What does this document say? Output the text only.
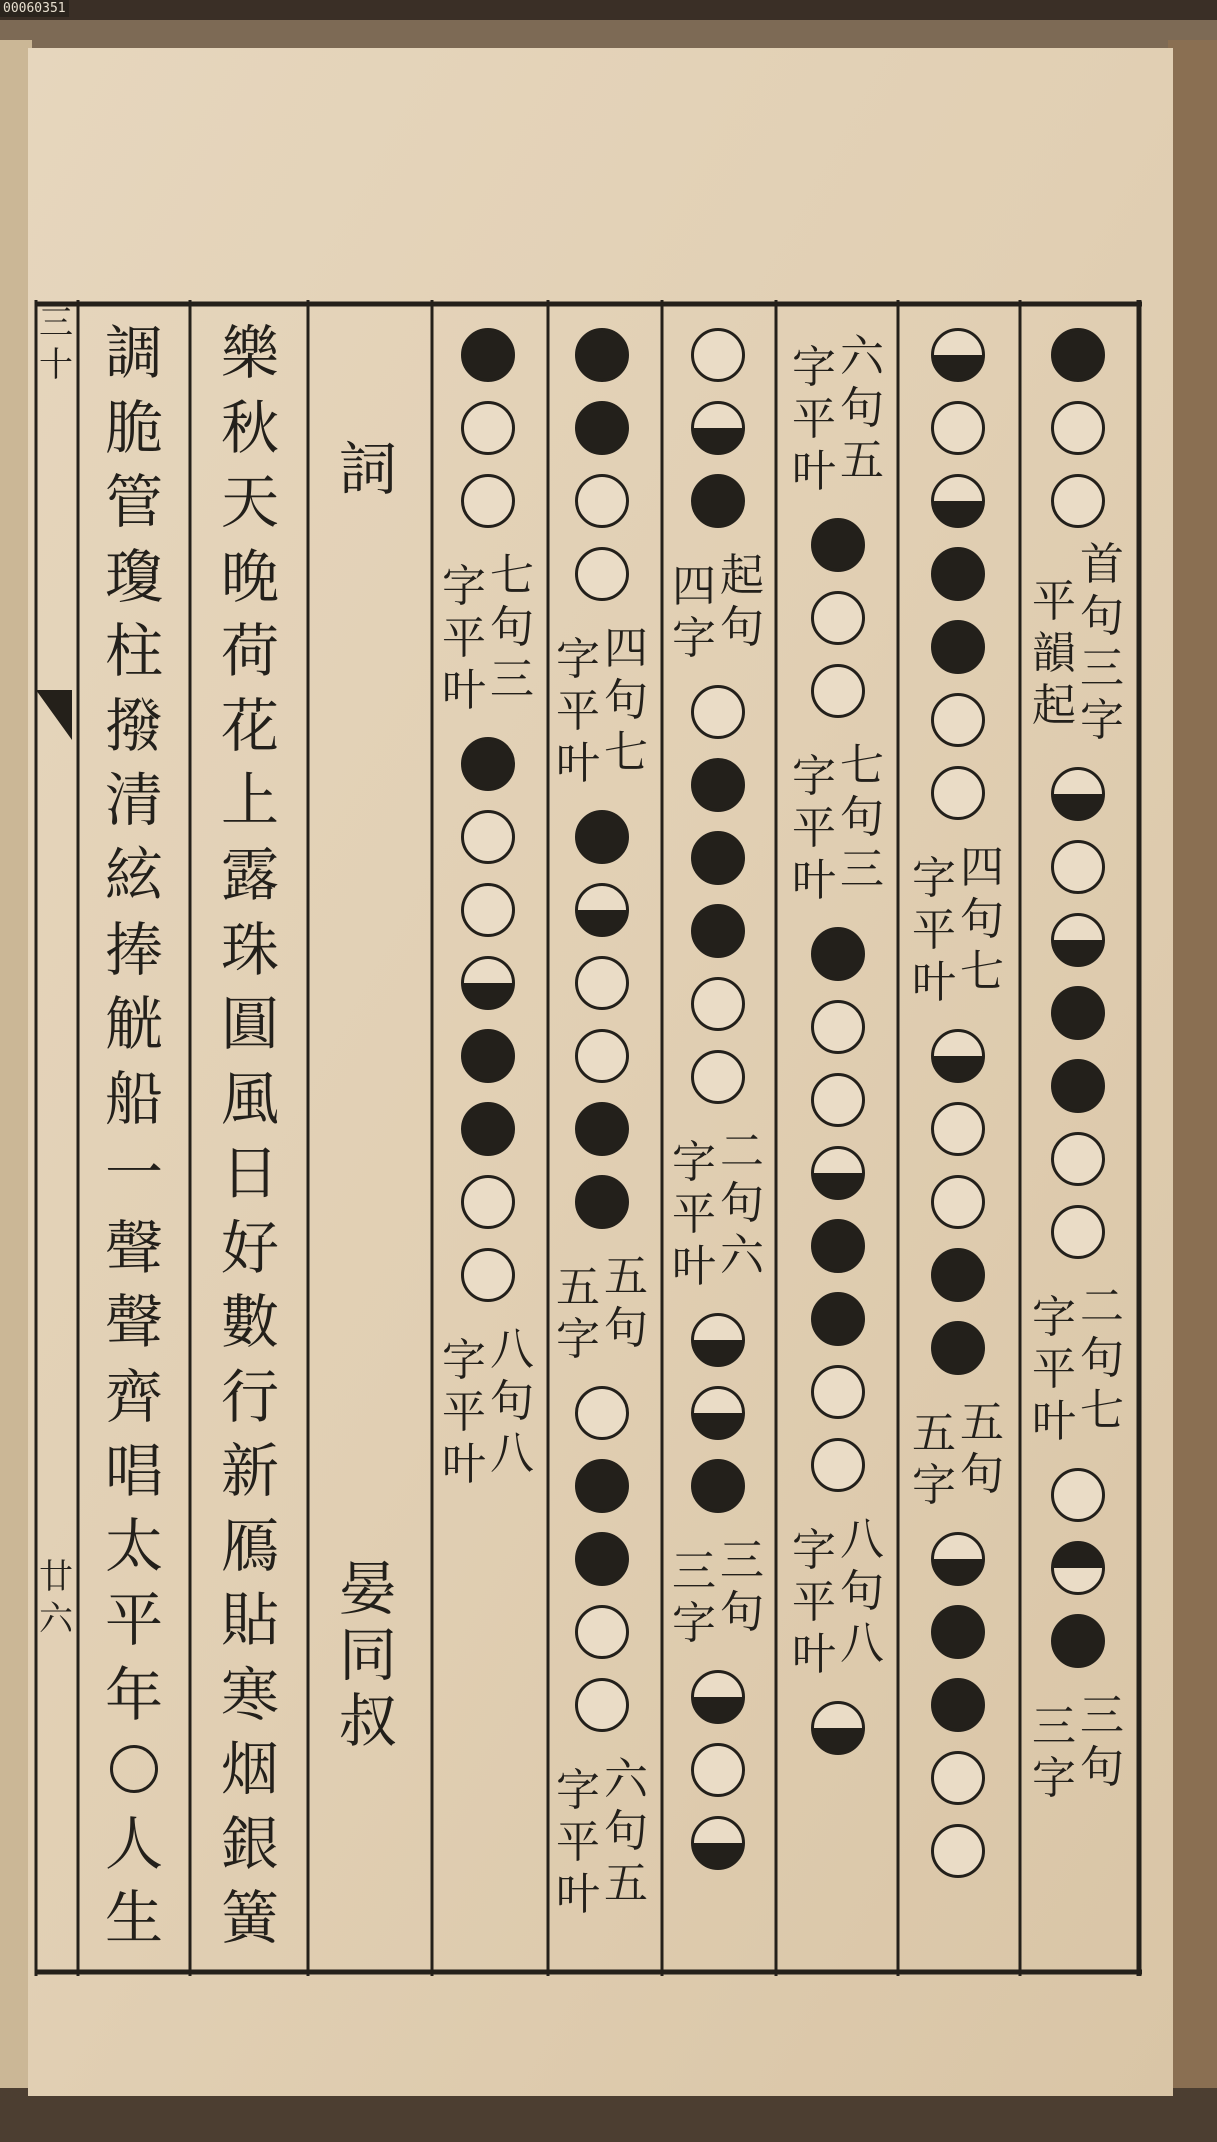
00060351
平
韻
起
首
句
三
字
字
平
叶
二
句
七
三
字
三
句
字
平
叶
四
句
七
五
字
五
句
字
平
叶
六
句
五
字
平
叶
七
句
三
字
平
叶
八
句
八
四
字
起
句
字
平
叶
二
句
六
三
字
三
句
字
平
叶
四
句
七
五
字
五
句
字
平
叶
六
句
五
字
平
叶
七
句
三
字
平
叶
八
句
八
詞
晏
同
叔
樂
秋
天
晚
荷
花
上
露
珠
圓
風
日
好
數
行
新
鴈
貼
寒
烟
銀
簧
調
脆
管
瓊
柱
撥
清
絃
捧
觥
船
一
聲
聲
齊
唱
太
平
年
人
生
三
十
廿
六
